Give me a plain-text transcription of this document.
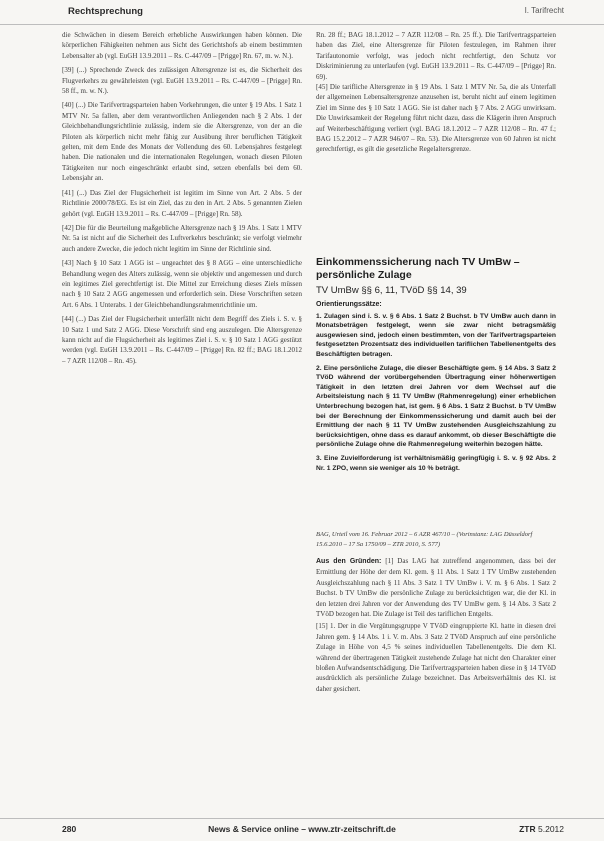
Rechtsprechung	I. Tarifrecht

die Schwächen in diesem Bereich erhebliche Auswirkungen haben können. Die körperlichen Fähigkeiten nehmen aus Sicht des Gerichtshofs ab einem bestimmten Lebensalter ab (vgl. EuGH 13.9.2011 – Rs. C-447/09 – [Prigge] Rn. 67, m. w. N.).

[39] (...) Sprechende Zweck des zulässigen Altersgrenze ist es, die Sicherheit des Flugverkehrs zu gewährleisten (vgl. EuGH 13.9.2011 – Rs. C-447/09 – [Prigge] Rn. 58 ff., m. w. N.).

[40] (...) Die Tarifvertragsparteien haben Vorkehrungen, die unter § 19 Abs. 1 Satz 1 MTV Nr. 5a fallen, aber dem verantwortlichen Anliegenden nach § 2 Abs. 1 der Gleichbehandlungsrichtlinie zulässig, indem sie die Altersgrenze, von der an die Piloten als körperlich nicht mehr fähig zur Ausübung ihrer beruflichen Tätigkeit gelten, mit dem Ende des Monats der Vollendung des 60. Lebensjahres festgelegt haben. Die nationalen und die internationalen Regelungen, wonach diesen Piloten Tätigkeiten nur noch eingeschränkt erlaubt sind, setzen ebenfalls bei dem 60. Lebensjahr an.

[41] (...) Das Ziel der Flugsicherheit ist legitim im Sinne von Art. 2 Abs. 5 der Richtlinie 2000/78/EG. Es ist ein Ziel, das zu den in Art. 2 Abs. 5 genannten Zielen gehört (vgl. EuGH 13.9.2011 – Rs. C-447/09 – [Prigge] Rn. 58).

[42] Die für die Beurteilung maßgebliche Altersgrenze nach § 19 Abs. 1 Satz 1 MTV Nr. 5a ist nicht auf die Sicherheit des Luftverkehrs beschränkt; sie verfolgt vielmehr auch andere Zwecke, die jedoch nicht legitim im Sinne der Richtlinie sind.

[43] Nach § 10 Satz 1 AGG ist – ungeachtet des § 8 AGG – eine unterschiedliche Behandlung wegen des Alters zulässig, wenn sie objektiv und angemessen und durch ein legitimes Ziel gerechtfertigt ist. Die Mittel zur Erreichung dieses Ziels müssen nach § 10 Satz 2 AGG angemessen und erforderlich sein. Diese Vorschriften setzen Art. 6 Abs. 1 Unterabs. 1 der Gleichbehandlungsrahmenrichtlinie um.

[44] (...) Das Ziel der Flugsicherheit unterfällt nicht dem Begriff des Ziels i. S. v. § 10 Satz 1 und Satz 2 AGG. Diese Vorschrift sind eng auszulegen. Die Altersgrenze kann nicht auf die Flugsicherheit als legitimes Ziel i. S. v. § 10 Satz 1 AGG gestützt werden (vgl. EuGH 13.9.2011 – Rs. C-447/09 – [Prigge] Rn. 82 ff.; BAG 18.1.2012 – 7 AZR 112/08 – Rn. 45).

Rn. 28 ff.; BAG 18.1.2012 – 7 AZR 112/08 – Rn. 25 ff.). Die Tarifvertragsparteien haben das Ziel, eine Altersgrenze für Piloten festzulegen, im Rahmen ihrer Tarifautonomie verfolgt, was jedoch nicht rechtfertigt, den Schutz vor Diskriminierung zu unterlaufen (vgl. EuGH 13.9.2011 – Rs. C-447/09 – [Prigge] Rn. 69).

[45] Die tarifliche Altersgrenze in § 19 Abs. 1 Satz 1 MTV Nr. 5a, die als Unterfall der allgemeinen Lebensaltersgrenze anzusehen ist, beruht nicht auf einem legitimen Ziel im Sinne des § 10 Satz 1 AGG. Sie ist daher nach § 7 Abs. 2 AGG unwirksam. Die Unwirksamkeit der Regelung führt nicht dazu, dass die Klägerin ihren Anspruch auf Weiterbeschäftigung verliert (vgl. BAG 18.1.2012 – 7 AZR 112/08 – Rn. 47 f.; BAG 15.2.2012 – 7 AZR 946/07 – Rn. 53). Die Altersgrenze von 60 Jahren ist nicht gerechtfertigt, es gilt die gesetzliche Regelaltersgrenze.

Einkommenssicherung nach TV UmBw – persönliche Zulage
TV UmBw §§ 6, 11, TVöD §§ 14, 39
Orientierungssätze:

1. Zulagen sind i. S. v. § 6 Abs. 1 Satz 2 Buchst. b TV UmBw auch dann in Monatsbeträgen festgelegt, wenn sie zwar nicht betragsmäßig ausgewiesen sind, jedoch einen bestimmten, von der Tarifvertragsparteien festgesetzten Prozentsatz des individuellen tariflichen Tabellenentgelts des Beschäftigten betragen.

2. Eine persönliche Zulage, die dieser Beschäftigte gem. § 14 Abs. 3 Satz 2 TVöD während der vorübergehenden Übertragung einer höherwertigen Tätigkeit in den letzten drei Jahren vor dem Wechsel auf die Arbeitsleistung nach § 11 TV UmBw (Rahmenregelung) einer erheblichen Unterbrechung bezogen hat, ist gem. § 6 Abs. 1 Satz 2 Buchst. b TV UmBw bei der Berechnung der Einkommenssicherung und damit auch bei der Ermittlung der nach § 11 TV UmBw zustehenden Ausgleichszahlung zu berücksichtigen, ohne dass es darauf ankommt, ob dieser Beschäftigte die persönliche Zulage ohne die Rahmenregelung weiterhin bezogen hätte.

3. Eine Zuvielforderung ist verhältnismäßig geringfügig i. S. v. § 92 Abs. 2 Nr. 1 ZPO, wenn sie weniger als 10 % beträgt.

BAG, Urteil vom 16. Februar 2012 – 6 AZR 467/10 – (Vorinstanz: LAG Düsseldorf 15.6.2010 – 17 Sa 1750/09 – ZTR 2010, S. 577)

Aus den Gründen: [1] Das LAG hat zutreffend angenommen, dass bei der Ermittlung der Höhe der dem Kl. gem. § 11 Abs. 1 Satz 1 TV UmBw zustehenden Ausgleichszahlung nach § 11 Abs. 3 Satz 1 TV UmBw i. V. m. § 6 Abs. 1 Satz 2 Buchst. b TV UmBw die persönliche Zulage zu berücksichtigen war, die der Kl. in den letzten drei Jahren vor der Anwendung des TV UmBw gem. § 14 Abs. 3 Satz 2 TVöD bezogen hat. Die Zulage ist Teil des tariflichen Entgelts.

[15] 1. Der in die Vergütungsgruppe V TVöD eingruppierte Kl. hatte in diesen drei Jahren gem. § 14 Abs. 1 i. V. m. Abs. 3 Satz 2 TVöD Anspruch auf eine persönliche Zulage in Höhe von 4,5 % seines individuellen Tabellenentgelts. Die dem Kl. während der übertragenen Tätigkeit zustehende Zulage hat nicht den Charakter einer bloßen Aufwandsentschädigung. Die Tarifvertragsparteien haben diese in § 14 TVöD ausdrücklich als persönliche Zulage bezeichnet. Das Arbeitsverhältnis des Kl. ist daher gesichert.

280	News & Service online – www.ztr-zeitschrift.de	ZTR 5.2012
